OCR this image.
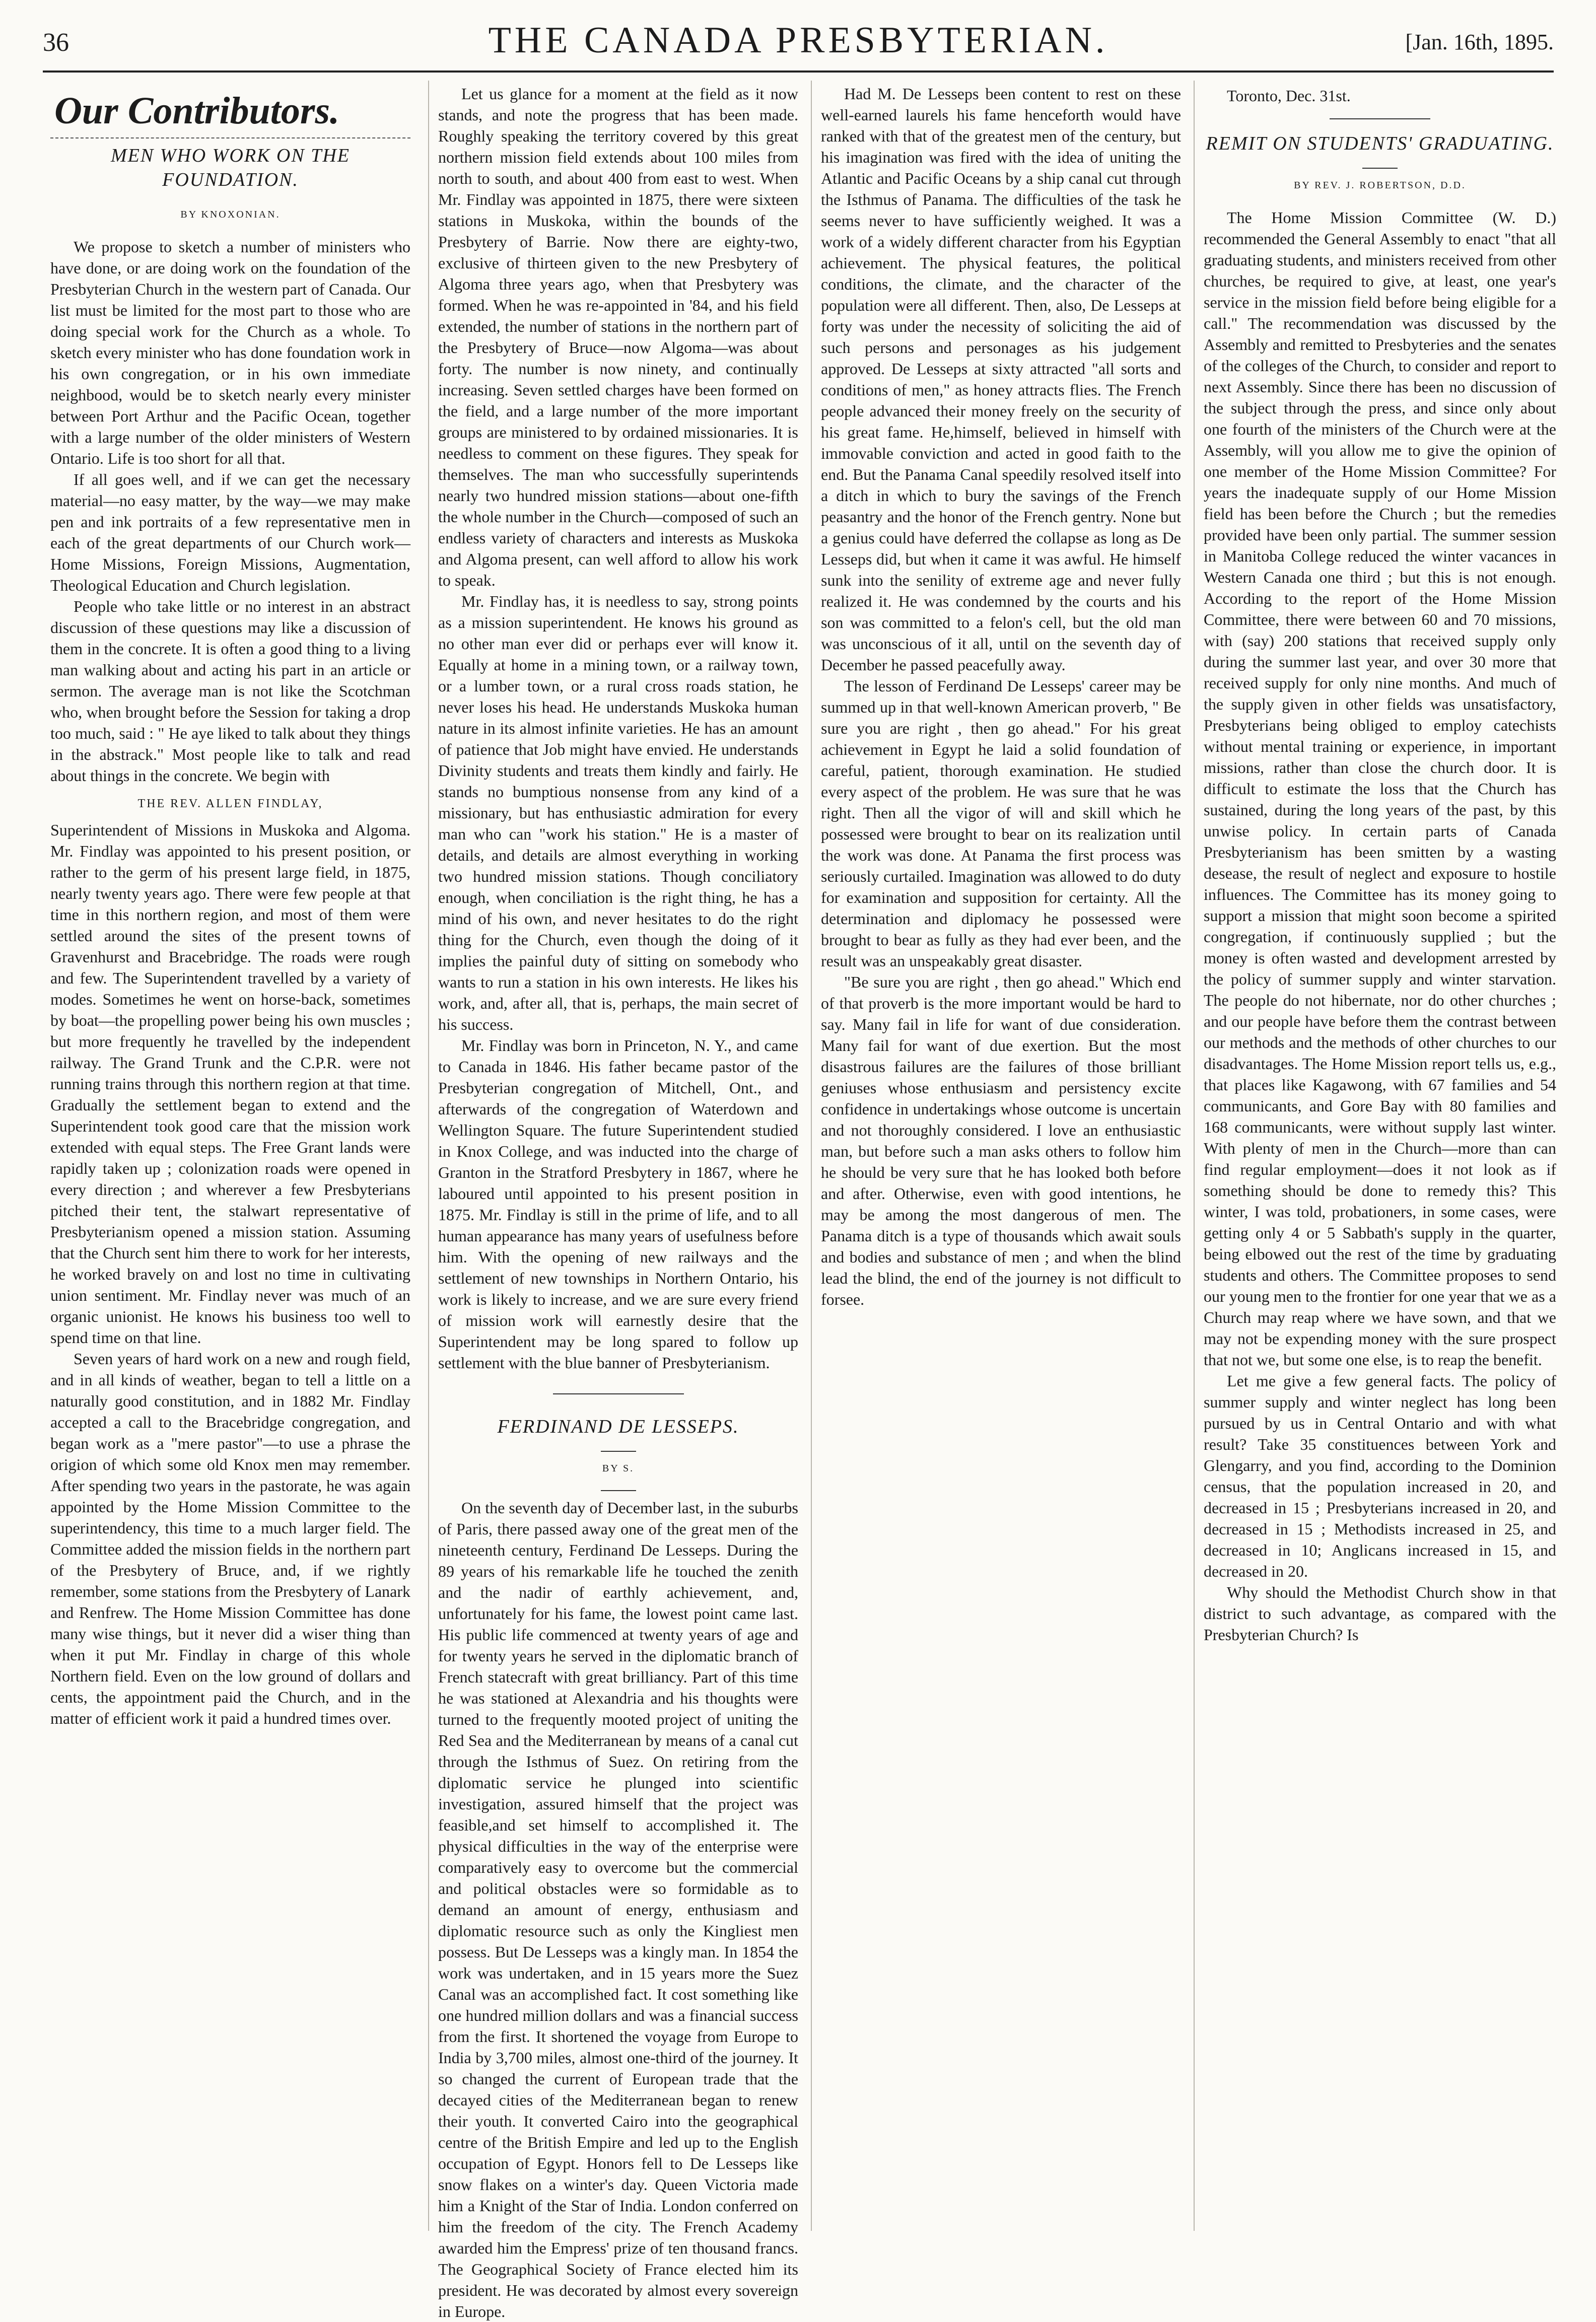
36	THE CANADA PRESBYTERIAN.	[Jan. 16th, 1895.
Our Contributors.
MEN WHO WORK ON THE FOUNDATION.
BY KNOXONIAN.

We propose to sketch a number of ministers who have done, or are doing work on the foundation of the Presbyterian Church in the western part of Canada. Our list must be limited for the most part to those who are doing special work for the Church as a whole. To sketch every minister who has done foundation work in his own congregation, or in his own immediate neighbood, would be to sketch nearly every minister between Port Arthur and the Pacific Ocean, together with a large number of the older ministers of Western Ontario. Life is too short for all that.

If all goes well, and if we can get the necessary material—no easy matter, by the way—we may make pen and ink portraits of a few representative men in each of the great departments of our Church work—Home Missions, Foreign Missions, Augmentation, Theological Education and Church legislation.

People who take little or no interest in an abstract discussion of these questions may like a discussion of them in the concrete. It is often a good thing to a living man walking about and acting his part in an article or sermon. The average man is not like the Scotchman who, when brought before the Session for taking a drop too much, said : " He aye liked to talk about they things in the abstrack." Most people like to talk and read about things in the concrete. We begin with

THE REV. ALLEN FINDLAY,

Superintendent of Missions in Muskoka and Algoma. Mr. Findlay was appointed to his present position, or rather to the germ of his present large field, in 1875, nearly twenty years ago. There were few people at that time in this northern region, and most of them were settled around the sites of the present towns of Gravenhurst and Bracebridge. The roads were rough and few. The Superintendent travelled by a variety of modes. Sometimes he went on horse-back, sometimes by boat—the propelling power being his own muscles ; but more frequently he travelled by the independent railway. The Grand Trunk and the C.P.R. were not running trains through this northern region at that time. Gradually the settlement began to extend and the Superintendent took good care that the mission work extended with equal steps. The Free Grant lands were rapidly taken up ; colonization roads were opened in every direction ; and wherever a few Presbyterians pitched their tent, the stalwart representative of Presbyterianism opened a mission station. Assuming that the Church sent him there to work for her interests, he worked bravely on and lost no time in cultivating union sentiment. Mr. Findlay never was much of an organic unionist. He knows his business too well to spend time on that line.

Seven years of hard work on a new and rough field, and in all kinds of weather, began to tell a little on a naturally good constitution, and in 1882 Mr. Findlay accepted a call to the Bracebridge congregation, and began work as a "mere pastor"—to use a phrase the origion of which some old Knox men may remember. After spending two years in the pastorate, he was again appointed by the Home Mission Committee to the superintendency, this time to a much larger field. The Committee added the mission fields in the northern part of the Presbytery of Bruce, and, if we rightly remember, some stations from the Presbytery of Lanark and Renfrew. The Home Mission Committee has done many wise things, but it never did a wiser thing than when it put Mr. Findlay in charge of this whole Northern field. Even on the low ground of dollars and cents, the appointment paid the Church, and in the matter of efficient work it paid a hundred times over.

Let us glance for a moment at the field as it now stands, and note the progress that has been made. Roughly speaking the territory covered by this great northern mission field extends about 100 miles from north to south, and about 400 from east to west. When Mr. Findlay was appointed in 1875, there were sixteen stations in Muskoka, within the bounds of the Presbytery of Barrie. Now there are eighty-two, exclusive of thirteen given to the new Presbytery of Algoma three years ago, when that Presbytery was formed. When he was re-appointed in '84, and his field extended, the number of stations in the northern part of the Presbytery of Bruce—now Algoma—was about forty. The number is now ninety, and continually increasing. Seven settled charges have been formed on the field, and a large number of the more important groups are ministered to by ordained missionaries. It is needless to comment on these figures. They speak for themselves. The man who successfully superintends nearly two hundred mission stations—about one-fifth the whole number in the Church—composed of such an endless variety of characters and interests as Muskoka and Algoma present, can well afford to allow his work to speak.

Mr. Findlay has, it is needless to say, strong points as a mission superintendent. He knows his ground as no other man ever did or perhaps ever will know it. Equally at home in a mining town, or a railway town, or a lumber town, or a rural cross roads station, he never loses his head. He understands Muskoka human nature in its almost infinite varieties. He has an amount of patience that Job might have envied. He understands Divinity students and treats them kindly and fairly. He stands no bumptious nonsense from any kind of a missionary, but has enthusiastic admiration for every man who can "work his station." He is a master of details, and details are almost everything in working two hundred mission stations. Though conciliatory enough, when conciliation is the right thing, he has a mind of his own, and never hesitates to do the right thing for the Church, even though the doing of it implies the painful duty of sitting on somebody who wants to run a station in his own interests. He likes his work, and, after all, that is, perhaps, the main secret of his success.

Mr. Findlay was born in Princeton, N. Y., and came to Canada in 1846. His father became pastor of the Presbyterian congregation of Mitchell, Ont., and afterwards of the congregation of Waterdown and Wellington Square. The future Superintendent studied in Knox College, and was inducted into the charge of Granton in the Stratford Presbytery in 1867, where he laboured until appointed to his present position in 1875. Mr. Findlay is still in the prime of life, and to all human appearance has many years of usefulness before him. With the opening of new railways and the settlement of new townships in Northern Ontario, his work is likely to increase, and we are sure every friend of mission work will earnestly desire that the Superintendent may be long spared to follow up settlement with the blue banner of Presbyterianism.

FERDINAND DE LESSEPS.
BY S.

On the seventh day of December last, in the suburbs of Paris, there passed away one of the great men of the nineteenth century, Ferdinand De Lesseps. During the 89 years of his remarkable life he touched the zenith and the nadir of earthly achievement, and, unfortunately for his fame, the lowest point came last. His public life commenced at twenty years of age and for twenty years he served in the diplomatic branch of French statecraft with great brilliancy. Part of this time he was stationed at Alexandria and his thoughts were turned to the frequently mooted project of uniting the Red Sea and the Mediterranean by means of a canal cut through the Isthmus of Suez. On retiring from the diplomatic service he plunged into scientific investigation, assured himself that the project was feasible,and set himself to accomplished it. The physical difficulties in the way of the enterprise were comparatively easy to overcome but the commercial and political obstacles were so formidable as to demand an amount of energy, enthusiasm and diplomatic resource such as only the Kingliest men possess. But De Lesseps was a kingly man. In 1854 the work was undertaken, and in 15 years more the Suez Canal was an accomplished fact. It cost something like one hundred million dollars and was a financial success from the first. It shortened the voyage from Europe to India by 3,700 miles, almost one-third of the journey. It so changed the current of European trade that the decayed cities of the Mediterranean began to renew their youth. It converted Cairo into the geographical centre of the British Empire and led up to the English occupation of Egypt. Honors fell to De Lesseps like snow flakes on a winter's day. Queen Victoria made him a Knight of the Star of India. London conferred on him the freedom of the city. The French Academy awarded him the Empress' prize of ten thousand francs. The Geographical Society of France elected him its president. He was decorated by almost every sovereign in Europe.

Had M. De Lesseps been content to rest on these well-earned laurels his fame henceforth would have ranked with that of the greatest men of the century, but his imagination was fired with the idea of uniting the Atlantic and Pacific Oceans by a ship canal cut through the Isthmus of Panama. The difficulties of the task he seems never to have sufficiently weighed. It was a work of a widely different character from his Egyptian achievement. The physical features, the political conditions, the climate, and the character of the population were all different. Then, also, De Lesseps at forty was under the necessity of soliciting the aid of such persons and personages as his judgement approved. De Lesseps at sixty attracted "all sorts and conditions of men," as honey attracts flies. The French people advanced their money freely on the security of his great fame. He,himself, believed in himself with immovable conviction and acted in good faith to the end. But the Panama Canal speedily resolved itself into a ditch in which to bury the savings of the French peasantry and the honor of the French gentry. None but a genius could have deferred the collapse as long as De Lesseps did, but when it came it was awful. He himself sunk into the senility of extreme age and never fully realized it. He was condemned by the courts and his son was committed to a felon's cell, but the old man was unconscious of it all, until on the seventh day of December he passed peacefully away.

The lesson of Ferdinand De Lesseps' career may be summed up in that well-known American proverb, " Be sure you are right , then go ahead." For his great achievement in Egypt he laid a solid foundation of careful, patient, thorough examination. He studied every aspect of the problem. He was sure that he was right. Then all the vigor of will and skill which he possessed were brought to bear on its realization until the work was done. At Panama the first process was seriously curtailed. Imagination was allowed to do duty for examination and supposition for certainty. All the determination and diplomacy he possessed were brought to bear as fully as they had ever been, and the result was an unspeakably great disaster.

"Be sure you are right , then go ahead." Which end of that proverb is the more important would be hard to say. Many fail in life for want of due consideration. Many fail for want of due exertion. But the most disastrous failures are the failures of those brilliant geniuses whose enthusiasm and persistency excite confidence in undertakings whose outcome is uncertain and not thoroughly considered. I love an enthusiastic man, but before such a man asks others to follow him he should be very sure that he has looked both before and after. Otherwise, even with good intentions, he may be among the most dangerous of men. The Panama ditch is a type of thousands which await souls and bodies and substance of men ; and when the blind lead the blind, the end of the journey is not difficult to forsee.

Toronto, Dec. 31st.

REMIT ON STUDENTS' GRADUATING.
BY REV. J. ROBERTSON, D.D.

The Home Mission Committee (W. D.) recommended the General Assembly to enact "that all graduating students, and ministers received from other churches, be required to give, at least, one year's service in the mission field before being eligible for a call." The recommendation was discussed by the Assembly and remitted to Presbyteries and the senates of the colleges of the Church, to consider and report to next Assembly. Since there has been no discussion of the subject through the press, and since only about one fourth of the ministers of the Church were at the Assembly, will you allow me to give the opinion of one member of the Home Mission Committee? For years the inadequate supply of our Home Mission field has been before the Church ; but the remedies provided have been only partial. The summer session in Manitoba College reduced the winter vacances in Western Canada one third ; but this is not enough. According to the report of the Home Mission Committee, there were between 60 and 70 missions, with (say) 200 stations that received supply only during the summer last year, and over 30 more that received supply for only nine months. And much of the supply given in other fields was unsatisfactory, Presbyterians being obliged to employ catechists without mental training or experience, in important missions, rather than close the church door. It is difficult to estimate the loss that the Church has sustained, during the long years of the past, by this unwise policy. In certain parts of Canada Presbyterianism has been smitten by a wasting desease, the result of neglect and exposure to hostile influences. The Committee has its money going to support a mission that might soon become a spirited congregation, if continuously supplied ; but the money is often wasted and development arrested by the policy of summer supply and winter starvation. The people do not hibernate, nor do other churches ; and our people have before them the contrast between our methods and the methods of other churches to our disadvantages. The Home Mission report tells us, e.g., that places like Kagawong, with 67 families and 54 communicants, and Gore Bay with 80 families and 168 communicants, were without supply last winter. With plenty of men in the Church—more than can find regular employment—does it not look as if something should be done to remedy this? This winter, I was told, probationers, in some cases, were getting only 4 or 5 Sabbath's supply in the quarter, being elbowed out the rest of the time by graduating students and others. The Committee proposes to send our young men to the frontier for one year that we as a Church may reap where we have sown, and that we may not be expending money with the sure prospect that not we, but some one else, is to reap the benefit.

Let me give a few general facts. The policy of summer supply and winter neglect has long been pursued by us in Central Ontario and with what result? Take 35 constituences between York and Glengarry, and you find, according to the Dominion census, that the population increased in 20, and decreased in 15 ; Presbyterians increased in 20, and decreased in 15 ; Methodists increased in 25, and decreased in 10; Anglicans increased in 15, and decreased in 20.

Why should the Methodist Church show in that district to such advantage, as compared with the Presbyterian Church? Is
